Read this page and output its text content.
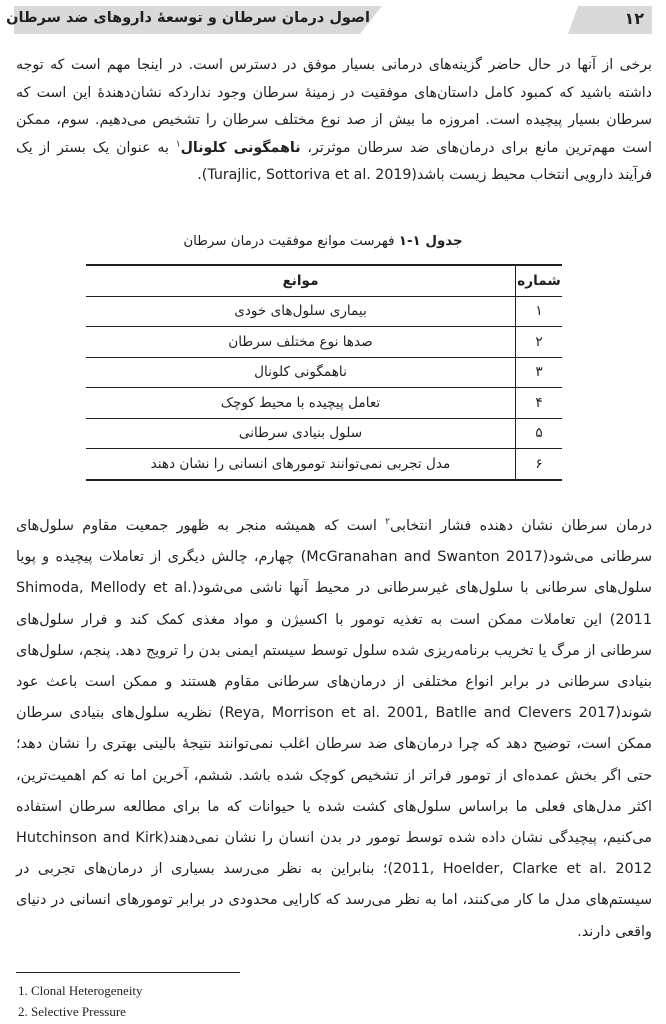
اصول درمان سرطان و توسعهٔ داروهای ضد سرطان	۱۲
برخی از آنها در حال حاضر گزینه‌های درمانی بسیار موفق در دسترس است. در اینجا مهم است که توجه داشته باشید که کمبود کامل داستان‌های موفقیت در زمینهٔ سرطان وجود نداردکه نشان‌دهندهٔ این است که سرطان بسیار پیچیده است. امروزه ما بیش از صد نوع مختلف سرطان را تشخیص می‌دهیم. سوم، ممکن است مهم‌ترین مانع برای درمان‌های ضد سرطان موثرتر، ناهمگونی کلونال$^۱$ به عنوان یک بستر از یک فرآیند دارویی انتخاب محیط زیست باشد(Turajlic, Sottoriva et al. 2019).
جدول ۱-۱ فهرست موانع موفقیت درمان سرطان
شماره	موانع
۱	بیماری سلول‌های خودی
۲	صدها نوع مختلف سرطان
۳	ناهمگونی کلونال
۴	تعامل پیچیده با محیط کوچک
۵	سلول بنیادی سرطانی
۶	مدل تجربی نمی‌توانند تومورهای انسانی را نشان دهند
درمان سرطان نشان دهنده فشار انتخابی$^۲$ است که همیشه منجر به ظهور جمعیت مقاوم سلول‌های سرطانی می‌شود(McGranahan and Swanton 2017) چهارم، چالش دیگری از تعاملات پیچیده و پویا سلول‌های سرطانی با سلول‌های غیرسرطانی در محیط آنها ناشی می‌شود(Shimoda, Mellody et al. 2011) این تعاملات ممکن است به تغذیه تومور با اکسیژن و مواد مغذی کمک کند و فرار سلول‌های سرطانی از مرگ یا تخریب برنامه‌ریزی شده سلول توسط سیستم ایمنی بدن را ترویج دهد. پنجم، سلول‌های بنیادی سرطانی در برابر انواع مختلفی از درمان‌های سرطانی مقاوم هستند و ممکن است باعث عود شوند(Reya, Morrison et al. 2001, Batlle and Clevers 2017) نظریه سلول‌های بنیادی سرطان ممکن است، توضیح دهد که چرا درمان‌های ضد سرطان اغلب نمی‌توانند نتیجهٔ بالینی بهتری را نشان دهد؛ حتی اگر بخش عمده‌ای از تومور فراتر از تشخیص کوچک شده باشد. ششم، آخرین اما نه کم اهمیت‌ترین، اکثر مدل‌های فعلی ما براساس سلول‌های کشت شده یا حیوانات که ما برای مطالعه سرطان استفاده می‌کنیم، پیچیدگی نشان داده شده توسط تومور در بدن انسان را نشان نمی‌دهند(Hutchinson and Kirk 2011, Hoelder, Clarke et al. 2012)؛ بنابراین به نظر می‌رسد بسیاری از درمان‌های تجربی در سیستم‌های مدل ما کار می‌کنند، اما به نظر می‌رسد که کارایی محدودی در برابر تومورهای انسانی در دنیای واقعی دارند.
1. Clonal Heterogeneity
2. Selective Pressure
